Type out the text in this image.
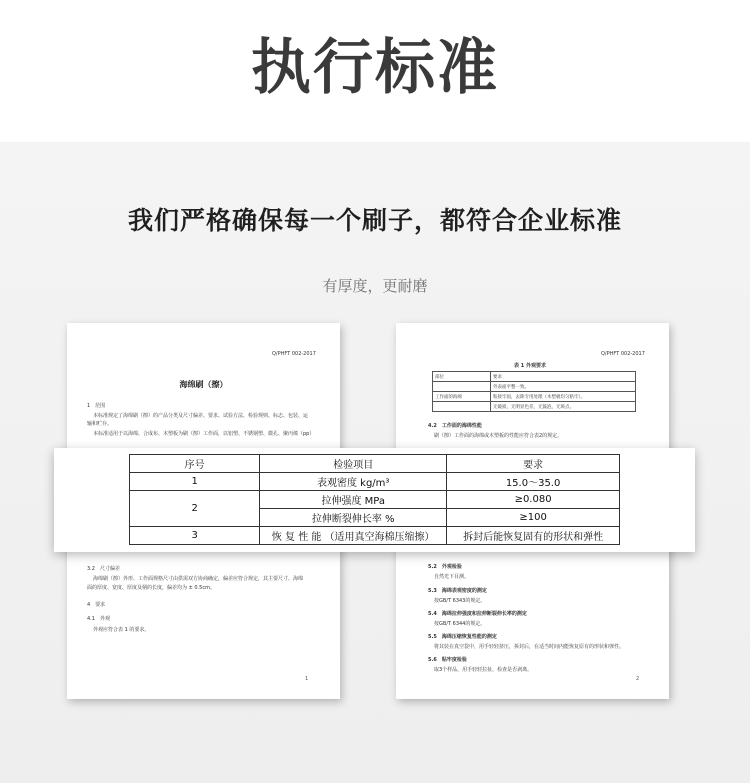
执行标准
我们严格确保每一个刷子，都符合企业标准
有厚度，更耐磨
Q/PHFT 002-2017
海绵刷（擦）
1　范围
本标准规定了海绵刷（擦）的产品分类及尺寸偏差、要求、试验方法、检验规则、标志、包装、运
输和贮存。
本标准适用于以海绵、合成布、木塑板为刷（擦）工作面，以铝塑、不锈钢塑、微孔、聚丙烯（pp）
3.2　尺寸偏差
海绵刷（擦）外形、工作面规格尺寸由供需双方协商确定，偏差应符合规定，其主要尺寸、海绵
面的厚度、宽度、厚度及柄的长度，偏差均为 ± 0.5cm。
4　要求
4.1　外观
外观应符合表 1 的要求。
1
Q/PHFT 002-2017
表 1 外观要求
部位	要求
	外表面平整一致。
工作面的海绵	粘接牢固，去除专用处理（木塑板均匀粘牢）。
	无破损，无明显色差，无鼓泡，无斑点。
4.2　工作面的海绵性能
刷（擦）工作面的海绵或木塑板的性能应符合表2的规定。
5.2　外观检验
自然光下目测。
5.3　海绵表观密度的测定
按GB/T 6343的规定。
5.4　海绵拉伸强度和拉伸断裂伸长率的测定
按GB/T 6344的规定。
5.5　海绵压缩恢复性能的测定
将其装在真空袋中，用手轻轻挤压，拆封后，在适当时间内能恢复原有的形状和弹性。
5.6　粘牢度检验
取3个样品，用手轻轻拉扯，检查是否剥离。
2
序号	检验项目	要求
1	表观密度 kg/m³	15.0～35.0
2	拉伸强度 MPa	≥0.080
	拉伸断裂伸长率 %	≥100
3	恢 复 性 能 （适用真空海棉压缩擦）	拆封后能恢复固有的形状和弹性
